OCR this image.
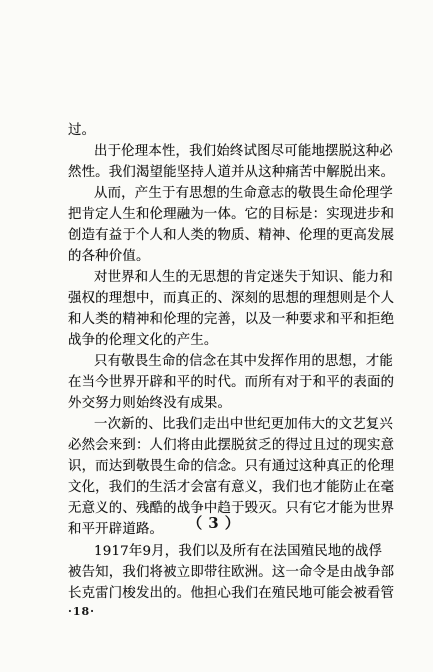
过。
出于伦理本性，我们始终试图尽可能地摆脱这种必
然性。我们渴望能坚持人道并从这种痛苦中解脱出来。
从而，产生于有思想的生命意志的敬畏生命伦理学
把肯定人生和伦理融为一体。它的目标是：实现进步和
创造有益于个人和人类的物质、精神、伦理的更高发展
的各种价值。
对世界和人生的无思想的肯定迷失于知识、能力和
强权的理想中，而真正的、深刻的思想的理想则是个人
和人类的精神和伦理的完善，以及一种要求和平和拒绝
战争的伦理文化的产生。
只有敬畏生命的信念在其中发挥作用的思想，才能
在当今世界开辟和平的时代。而所有对于和平的表面的
外交努力则始终没有成果。
一次新的、比我们走出中世纪更加伟大的文艺复兴
必然会来到：人们将由此摆脱贫乏的得过且过的现实意
识，而达到敬畏生命的信念。只有通过这种真正的伦理
文化，我们的生活才会富有意义，我们也才能防止在毫
无意义的、残酷的战争中趋于毁灭。只有它才能为世界
和平开辟道路。	（3）
1917年9月，我们以及所有在法国殖民地的战俘
被告知，我们将被立即带往欧洲。这一命令是由战争部
长克雷门梭发出的。他担心我们在殖民地可能会被看管
·18·
